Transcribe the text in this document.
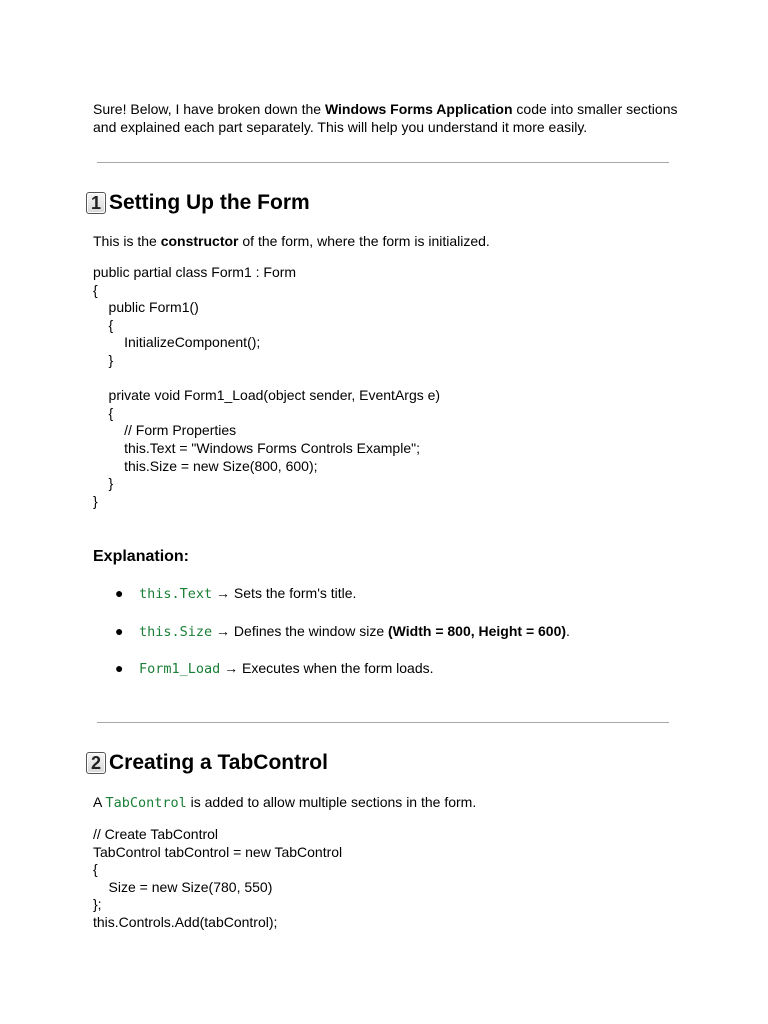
Sure! Below, I have broken down the Windows Forms Application code into smaller sections and explained each part separately. This will help you understand it more easily.

1 Setting Up the Form

This is the constructor of the form, where the form is initialized.

public partial class Form1 : Form
{
public Form1()
{
InitializeComponent();
}

private void Form1_Load(object sender, EventArgs e)
{
// Form Properties
this.Text = "Windows Forms Controls Example";
this.Size = new Size(800, 600);
}
}
Explanation:
● this.Text → Sets the form's title.
● this.Size → Defines the window size (Width = 800, Height = 600).
● Form1_Load → Executes when the form loads.
2 Creating a TabControl

A TabControl is added to allow multiple sections in the form.

// Create TabControl
TabControl tabControl = new TabControl
{
Size = new Size(780, 550)
};
this.Controls.Add(tabControl);
